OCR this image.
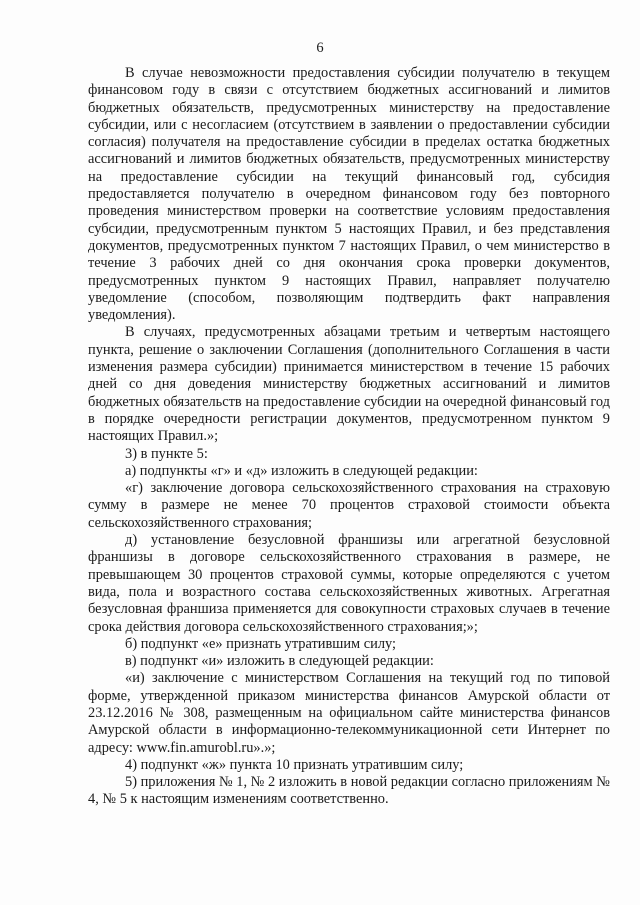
6

В случае невозможности предоставления субсидии получателю в текущем финансовом году в связи с отсутствием бюджетных ассигнований и лимитов бюджетных обязательств, предусмотренных министерству на предоставление субсидии, или с несогласием (отсутствием в заявлении о предоставлении субсидии согласия) получателя на предоставление субсидии в пределах остатка бюджетных ассигнований и лимитов бюджетных обязательств, предусмотренных министерству на предоставление субсидии на текущий финансовый год, субсидия предоставляется получателю в очередном финансовом году без повторного проведения министерством проверки на соответствие условиям предоставления субсидии, предусмотренным пунктом 5 настоящих Правил, и без представления документов, предусмотренных пунктом 7 настоящих Правил, о чем министерство в течение 3 рабочих дней со дня окончания срока проверки документов, предусмотренных пунктом 9 настоящих Правил, направляет получателю уведомление (способом, позволяющим подтвердить факт направления уведомления).

В случаях, предусмотренных абзацами третьим и четвертым настоящего пункта, решение о заключении Соглашения (дополнительного Соглашения в части изменения размера субсидии) принимается министерством в течение 15 рабочих дней со дня доведения министерству бюджетных ассигнований и лимитов бюджетных обязательств на предоставление субсидии на очередной финансовый год в порядке очередности регистрации документов, предусмотренном пунктом 9 настоящих Правил.»;

3) в пункте 5:

а) подпункты «г» и «д» изложить в следующей редакции:

«г) заключение договора сельскохозяйственного страхования на страховую сумму в размере не менее 70 процентов страховой стоимости объекта сельскохозяйственного страхования;

д) установление безусловной франшизы или агрегатной безусловной франшизы в договоре сельскохозяйственного страхования в размере, не превышающем 30 процентов страховой суммы, которые определяются с учетом вида, пола и возрастного состава сельскохозяйственных животных. Агрегатная безусловная франшиза применяется для совокупности страховых случаев в течение срока действия договора сельскохозяйственного страхования;»;

б) подпункт «е» признать утратившим силу;

в) подпункт «и» изложить в следующей редакции:

«и) заключение с министерством Соглашения на текущий год по типовой форме, утвержденной приказом министерства финансов Амурской области от 23.12.2016 № 308, размещенным на официальном сайте министерства финансов Амурской области в информационно-телекоммуникационной сети Интернет по адресу: www.fin.amurobl.ru».»;

4) подпункт «ж» пункта 10 признать утратившим силу;

5) приложения № 1, № 2 изложить в новой редакции согласно приложениям № 4, № 5 к настоящим изменениям соответственно.
